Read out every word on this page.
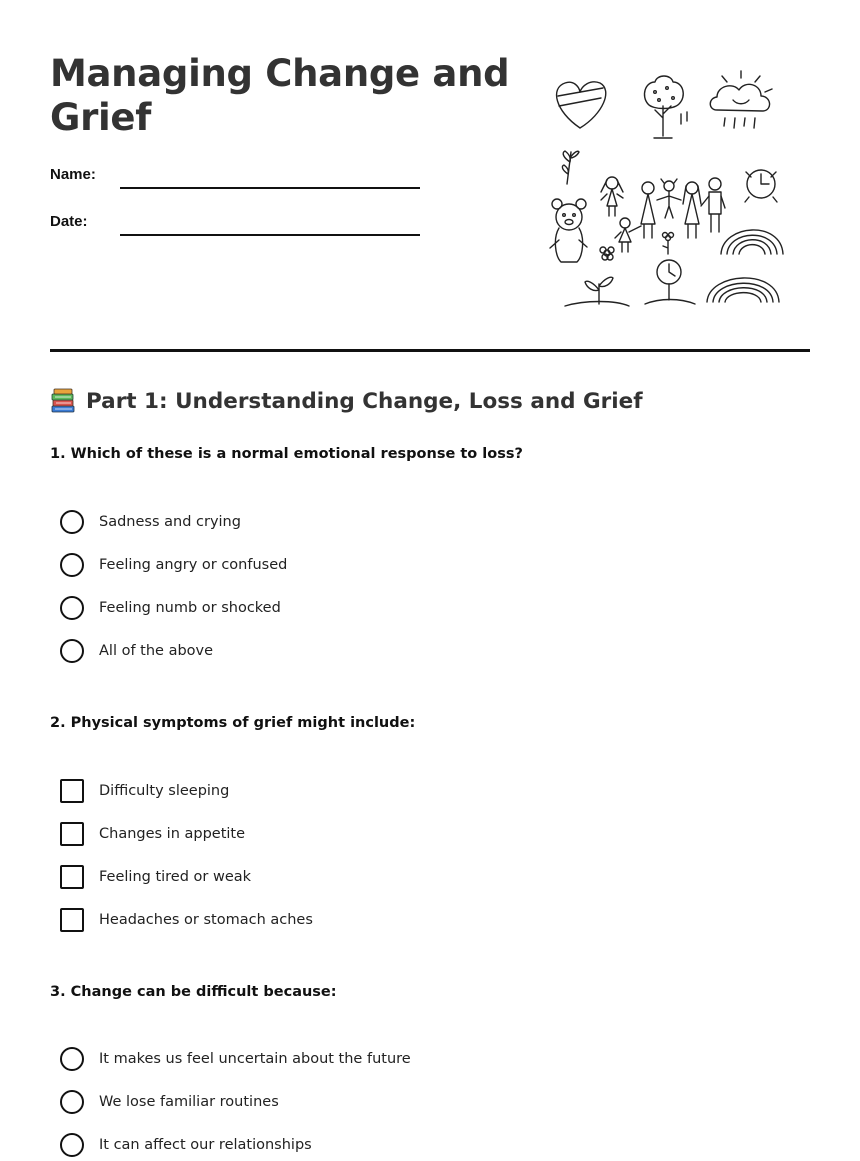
Managing Change and Grief
Name:
Date:
Part 1: Understanding Change, Loss and Grief

1. Which of these is a normal emotional response to loss?

Sadness and crying
Feeling angry or confused
Feeling numb or shocked
All of the above

2. Physical symptoms of grief might include:

Difficulty sleeping
Changes in appetite
Feeling tired or weak
Headaches or stomach aches

3. Change can be difficult because:

It makes us feel uncertain about the future
We lose familiar routines
It can affect our relationships
